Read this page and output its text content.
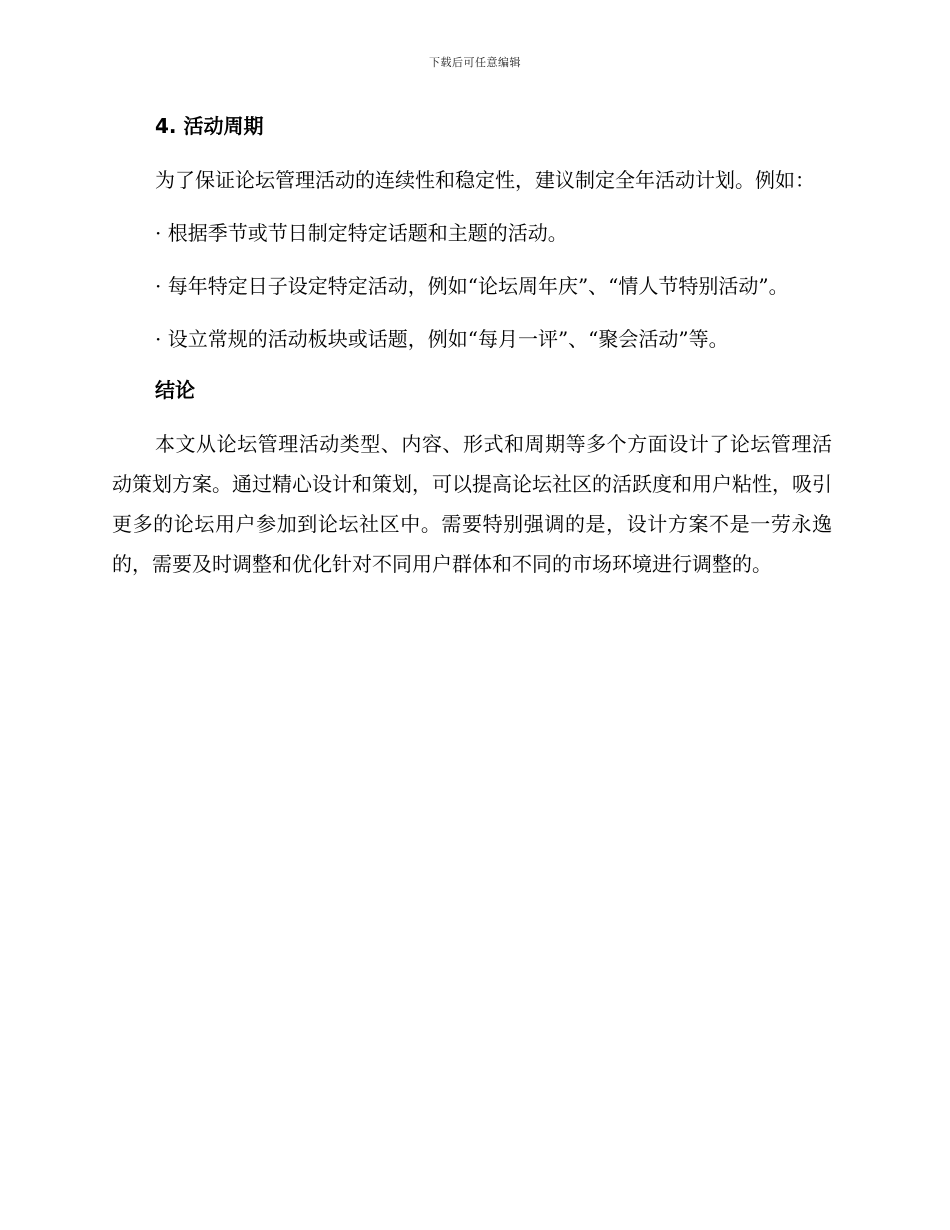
下载后可任意编辑
4. 活动周期

为了保证论坛管理活动的连续性和稳定性，建议制定全年活动计划。例如：

· 根据季节或节日制定特定话题和主题的活动。

· 每年特定日子设定特定活动，例如“论坛周年庆”、“情人节特别活动”。

· 设立常规的活动板块或话题，例如“每月一评”、“聚会活动”等。

结论

本文从论坛管理活动类型、内容、形式和周期等多个方面设计了论坛管理活动策划方案。通过精心设计和策划，可以提高论坛社区的活跃度和用户粘性，吸引更多的论坛用户参加到论坛社区中。需要特别强调的是，设计方案不是一劳永逸的，需要及时调整和优化针对不同用户群体和不同的市场环境进行调整的。
